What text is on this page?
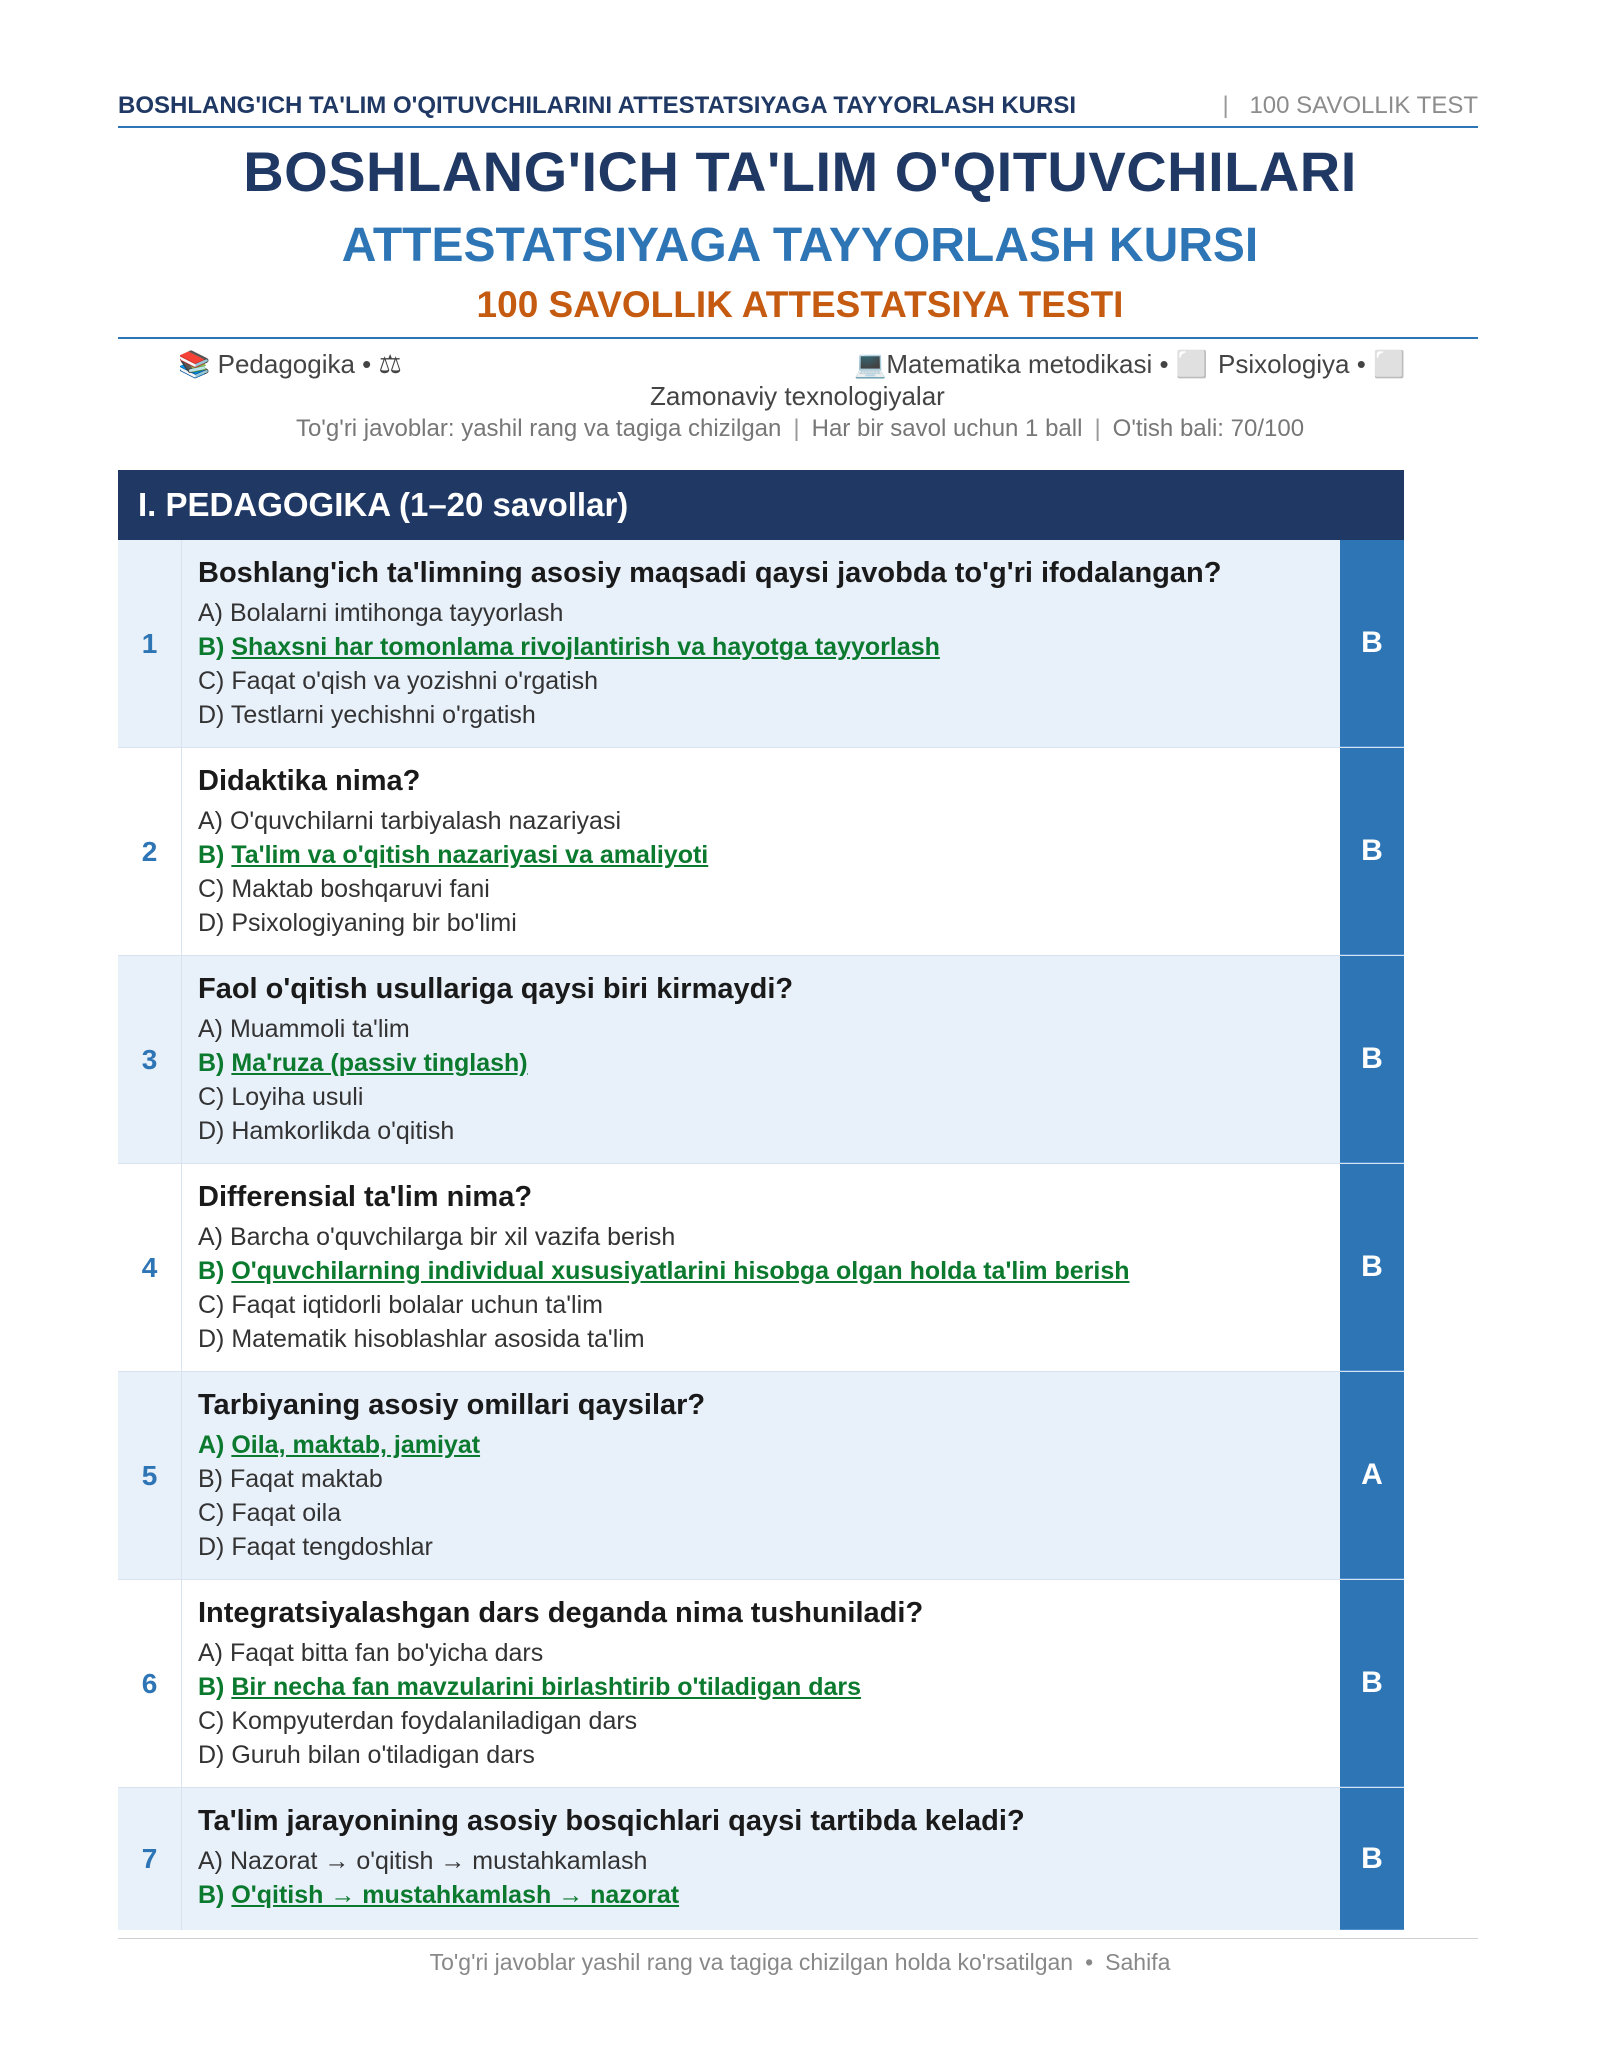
BOSHLANG'ICH TA'LIM O'QITUVCHILARINI ATTESTATSIYAGA TAYYORLASH KURSI	| 100 SAVOLLIK TEST
BOSHLANG'ICH TA'LIM O'QITUVCHILARI
ATTESTATSIYAGA TAYYORLASH KURSI
100 SAVOLLIK ATTESTATSIYA TESTI
📚 Pedagogika • ⚖	💻Matematika metodikasi • ⬜ Psixologiya • ⬜
Zamonaviy texnologiyalar
To'g'ri javoblar: yashil rang va tagiga chizilgan | Har bir savol uchun 1 ball | O'tish bali: 70/100
I. PEDAGOGIKA (1–20 savollar)
1
Boshlang'ich ta'limning asosiy maqsadi qaysi javobda to'g'ri ifodalangan?
A) Bolalarni imtihonga tayyorlash
B) Shaxsni har tomonlama rivojlantirish va hayotga tayyorlash
C) Faqat o'qish va yozishni o'rgatish
D) Testlarni yechishni o'rgatish
B
2
Didaktika nima?
A) O'quvchilarni tarbiyalash nazariyasi
B) Ta'lim va o'qitish nazariyasi va amaliyoti
C) Maktab boshqaruvi fani
D) Psixologiyaning bir bo'limi
B
3
Faol o'qitish usullariga qaysi biri kirmaydi?
A) Muammoli ta'lim
B) Ma'ruza (passiv tinglash)
C) Loyiha usuli
D) Hamkorlikda o'qitish
B
4
Differensial ta'lim nima?
A) Barcha o'quvchilarga bir xil vazifa berish
B) O'quvchilarning individual xususiyatlarini hisobga olgan holda ta'lim berish
C) Faqat iqtidorli bolalar uchun ta'lim
D) Matematik hisoblashlar asosida ta'lim
B
5
Tarbiyaning asosiy omillari qaysilar?
A) Oila, maktab, jamiyat
B) Faqat maktab
C) Faqat oila
D) Faqat tengdoshlar
A
6
Integratsiyalashgan dars deganda nima tushuniladi?
A) Faqat bitta fan bo'yicha dars
B) Bir necha fan mavzularini birlashtirib o'tiladigan dars
C) Kompyuterdan foydalaniladigan dars
D) Guruh bilan o'tiladigan dars
B
7
Ta'lim jarayonining asosiy bosqichlari qaysi tartibda keladi?
A) Nazorat → o'qitish → mustahkamlash
B) O'qitish → mustahkamlash → nazorat
B
To'g'ri javoblar yashil rang va tagiga chizilgan holda ko'rsatilgan • Sahifa
